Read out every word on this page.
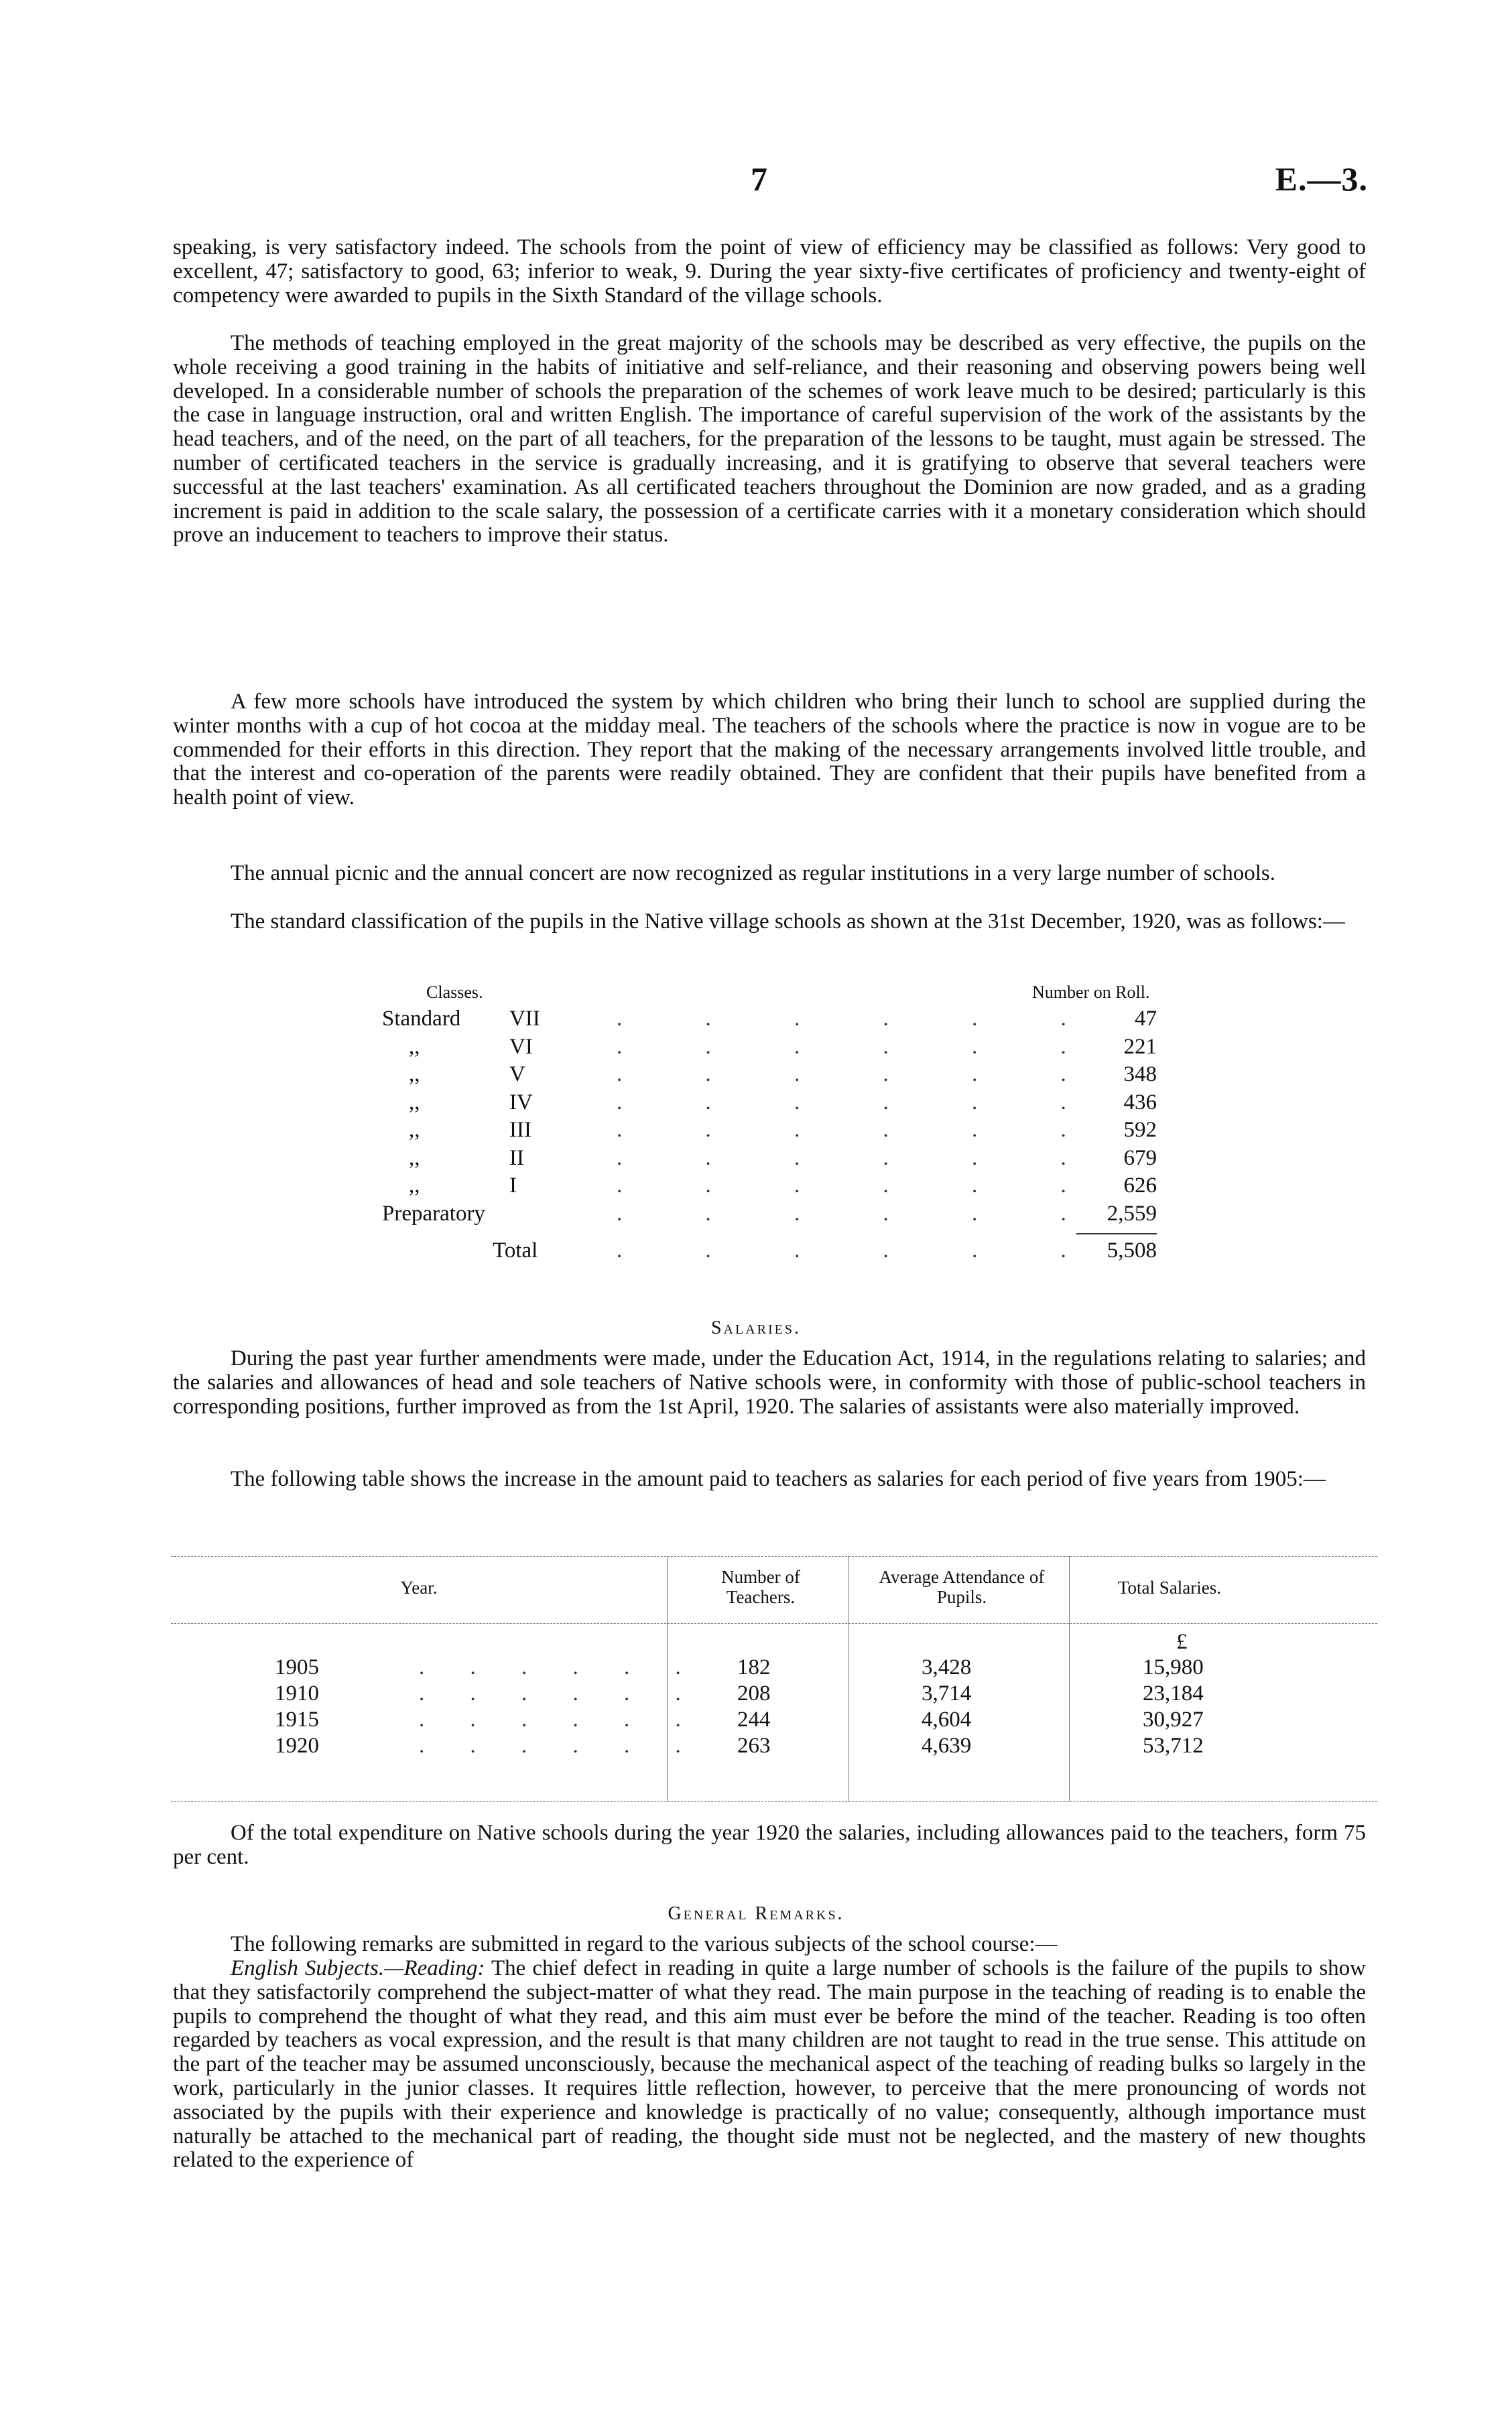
7	E.—3.

speaking, is very satisfactory indeed. The schools from the point of view of efficiency may be classified as follows: Very good to excellent, 47; satisfactory to good, 63; inferior to weak, 9. During the year sixty-five certificates of proficiency and twenty-eight of competency were awarded to pupils in the Sixth Standard of the village schools.

The methods of teaching employed in the great majority of the schools may be described as very effective, the pupils on the whole receiving a good training in the habits of initiative and self-reliance, and their reasoning and observing powers being well developed. In a considerable number of schools the preparation of the schemes of work leave much to be desired; particularly is this the case in language instruction, oral and written English. The importance of careful supervision of the work of the assistants by the head teachers, and of the need, on the part of all teachers, for the preparation of the lessons to be taught, must again be stressed. The number of certificated teachers in the service is gradually increasing, and it is gratifying to observe that several teachers were successful at the last teachers' examination. As all certificated teachers throughout the Dominion are now graded, and as a grading increment is paid in addition to the scale salary, the possession of a certificate carries with it a monetary consideration which should prove an inducement to teachers to improve their status.

A few more schools have introduced the system by which children who bring their lunch to school are supplied during the winter months with a cup of hot cocoa at the midday meal. The teachers of the schools where the practice is now in vogue are to be commended for their efforts in this direction. They report that the making of the necessary arrangements involved little trouble, and that the interest and co-operation of the parents were readily obtained. They are confident that their pupils have benefited from a health point of view.

The annual picnic and the annual concert are now recognized as regular institutions in a very large number of schools.

The standard classification of the pupils in the Native village schools as shown at the 31st December, 1920, was as follows:—

Classes.	Number on Roll.
Standard VII	. . . . . . 47
,,	VI	. . . . . . 221
,,	V	. . . . . . 348
,,	IV	. . . . . . 436
,,	III	. . . . . . 592
,,	II	. . . . . . 679
,,	I	. . . . . . 626
Preparatory	. . . . . . 2,559
Total	. . . . . . 5,508
Salaries.

During the past year further amendments were made, under the Education Act, 1914, in the regulations relating to salaries; and the salaries and allowances of head and sole teachers of Native schools were, in conformity with those of public-school teachers in corresponding positions, further improved as from the 1st April, 1920. The salaries of assistants were also materially improved.

The following table shows the increase in the amount paid to teachers as salaries for each period of five years from 1905:—

Year.
Number of Teachers.
Average Attendance of Pupils.	Total Salaries.
£
1905	. . . . . . 182	3,428	15,980
1910	. . . . . . 208	3,714	23,184
1915	. . . . . . 244	4,604	30,927
1920	. . . . . . 263	4,639	53,712

Of the total expenditure on Native schools during the year 1920 the salaries, including allowances paid to the teachers, form 75 per cent.

General Remarks.

The following remarks are submitted in regard to the various subjects of the school course:—

English Subjects.—Reading: The chief defect in reading in quite a large number of schools is the failure of the pupils to show that they satisfactorily comprehend the subject-matter of what they read. The main purpose in the teaching of reading is to enable the pupils to comprehend the thought of what they read, and this aim must ever be before the mind of the teacher. Reading is too often regarded by teachers as vocal expression, and the result is that many children are not taught to read in the true sense. This attitude on the part of the teacher may be assumed unconsciously, because the mechanical aspect of the teaching of reading bulks so largely in the work, particularly in the junior classes. It requires little reflection, however, to perceive that the mere pronouncing of words not associated by the pupils with their experience and knowledge is practically of no value; consequently, although importance must naturally be attached to the mechanical part of reading, the thought side must not be neglected, and the mastery of new thoughts related to the experience of
